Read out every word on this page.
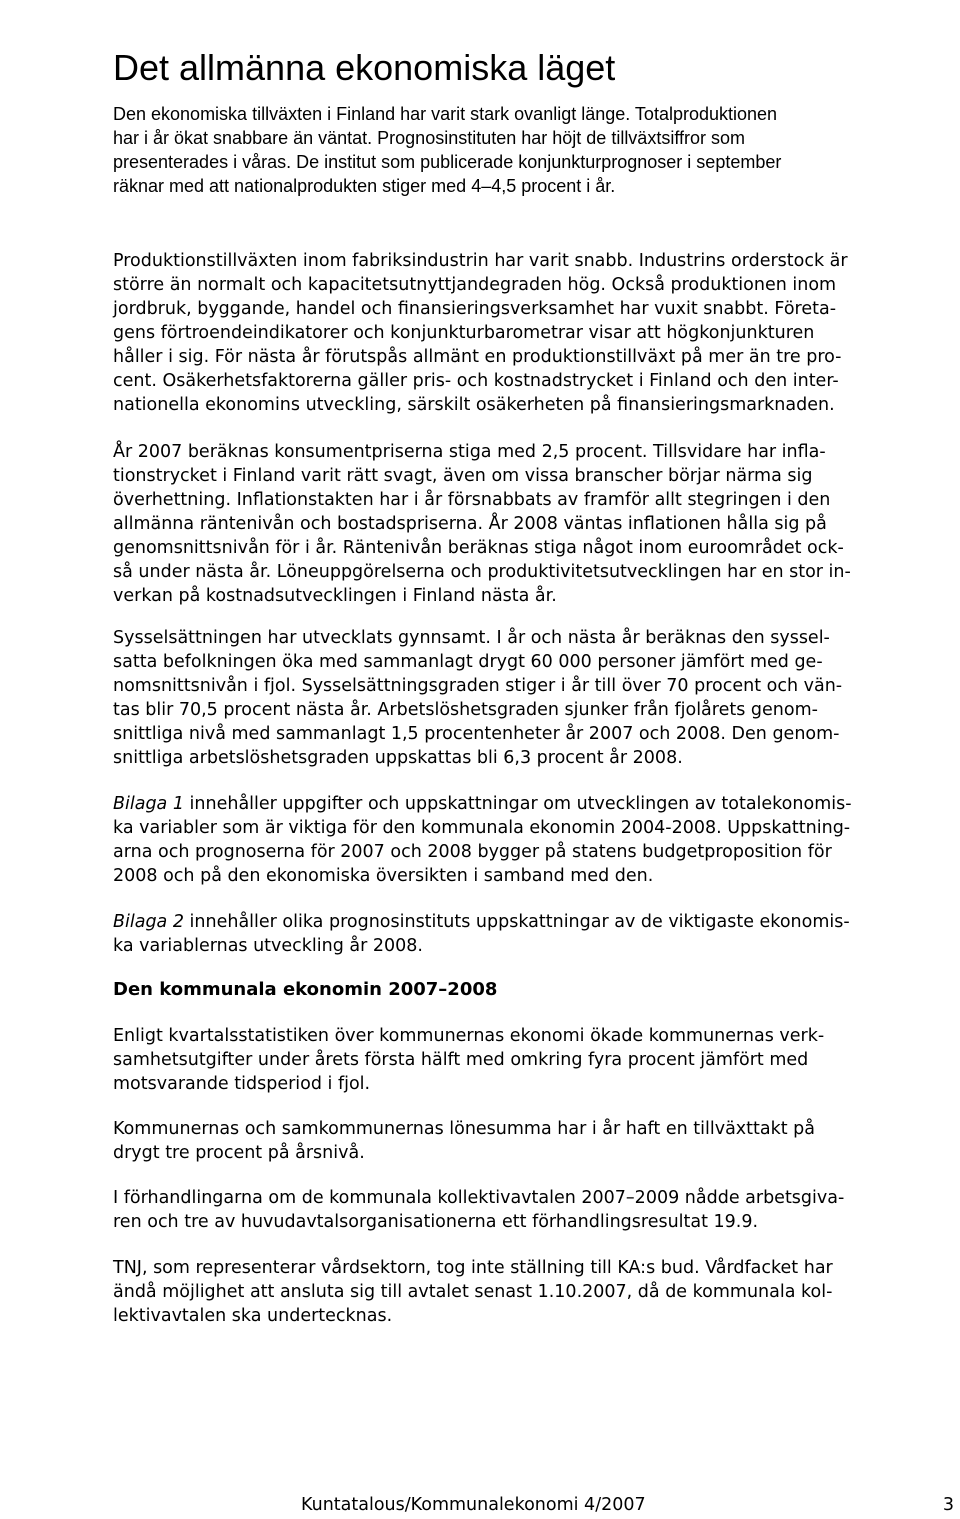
Det allmänna ekonomiska läget
Den ekonomiska tillväxten i Finland har varit stark ovanligt länge. Totalproduktionen
har i år ökat snabbare än väntat. Prognosinstituten har höjt de tillväxtsiffror som
presenterades i våras. De institut som publicerade konjunkturprognoser i september
räknar med att nationalprodukten stiger med 4–4,5 procent i år.
Produktionstillväxten inom fabriksindustrin har varit snabb. Industrins orderstock är
större än normalt och kapacitetsutnyttjandegraden hög. Också produktionen inom
jordbruk, byggande, handel och finansieringsverksamhet har vuxit snabbt. Företa-
gens förtroendeindikatorer och konjunkturbarometrar visar att högkonjunkturen
håller i sig. För nästa år förutspås allmänt en produktionstillväxt på mer än tre pro-
cent. Osäkerhetsfaktorerna gäller pris- och kostnadstrycket i Finland och den inter-
nationella ekonomins utveckling, särskilt osäkerheten på finansieringsmarknaden.
År 2007 beräknas konsumentpriserna stiga med 2,5 procent. Tillsvidare har infla-
tionstrycket i Finland varit rätt svagt, även om vissa branscher börjar närma sig
överhettning. Inflationstakten har i år försnabbats av framför allt stegringen i den
allmänna räntenivån och bostadspriserna. År 2008 väntas inflationen hålla sig på
genomsnittsnivån för i år. Räntenivån beräknas stiga något inom euroområdet ock-
så under nästa år. Löneuppgörelserna och produktivitetsutvecklingen har en stor in-
verkan på kostnadsutvecklingen i Finland nästa år.
Sysselsättningen har utvecklats gynnsamt. I år och nästa år beräknas den syssel-
satta befolkningen öka med sammanlagt drygt 60 000 personer jämfört med ge-
nomsnittsnivån i fjol. Sysselsättningsgraden stiger i år till över 70 procent och vän-
tas blir 70,5 procent nästa år. Arbetslöshetsgraden sjunker från fjolårets genom-
snittliga nivå med sammanlagt 1,5 procentenheter år 2007 och 2008. Den genom-
snittliga arbetslöshetsgraden uppskattas bli 6,3 procent år 2008.
Bilaga 1 innehåller uppgifter och uppskattningar om utvecklingen av totalekonomis-
ka variabler som är viktiga för den kommunala ekonomin 2004-2008. Uppskattning-
arna och prognoserna för 2007 och 2008 bygger på statens budgetproposition för
2008 och på den ekonomiska översikten i samband med den.
Bilaga 2 innehåller olika prognosinstituts uppskattningar av de viktigaste ekonomis-
ka variablernas utveckling år 2008.
Den kommunala ekonomin 2007–2008
Enligt kvartalsstatistiken över kommunernas ekonomi ökade kommunernas verk-
samhetsutgifter under årets första hälft med omkring fyra procent jämfört med
motsvarande tidsperiod i fjol.
Kommunernas och samkommunernas lönesumma har i år haft en tillväxttakt på
drygt tre procent på årsnivå.
I förhandlingarna om de kommunala kollektivavtalen 2007–2009 nådde arbetsgiva-
ren och tre av huvudavtalsorganisationerna ett förhandlingsresultat 19.9.
TNJ, som representerar vårdsektorn, tog inte ställning till KA:s bud. Vårdfacket har
ändå möjlighet att ansluta sig till avtalet senast 1.10.2007, då de kommunala kol-
lektivavtalen ska undertecknas.
Kuntatalous/Kommunalekonomi 4/2007	3
